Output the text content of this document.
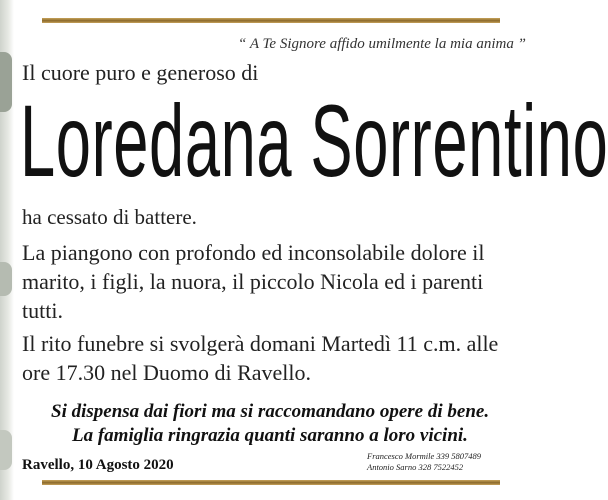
“ A Te Signore affido umilmente la mia anima ”
Il cuore puro e generoso di
Loredana Sorrentino
ha cessato di battere.
La piangono con profondo ed inconsolabile dolore il
marito, i figli, la nuora, il piccolo Nicola ed i parenti
tutti.
Il rito funebre si svolgerà domani Martedì 11 c.m. alle
ore 17.30 nel Duomo di Ravello.
Si dispensa dai fiori ma si raccomandano opere di bene.
La famiglia ringrazia quanti saranno a loro vicini.
Ravello, 10 Agosto 2020
Francesco Mormile 339 5807489
Antonio Sarno 328 7522452
